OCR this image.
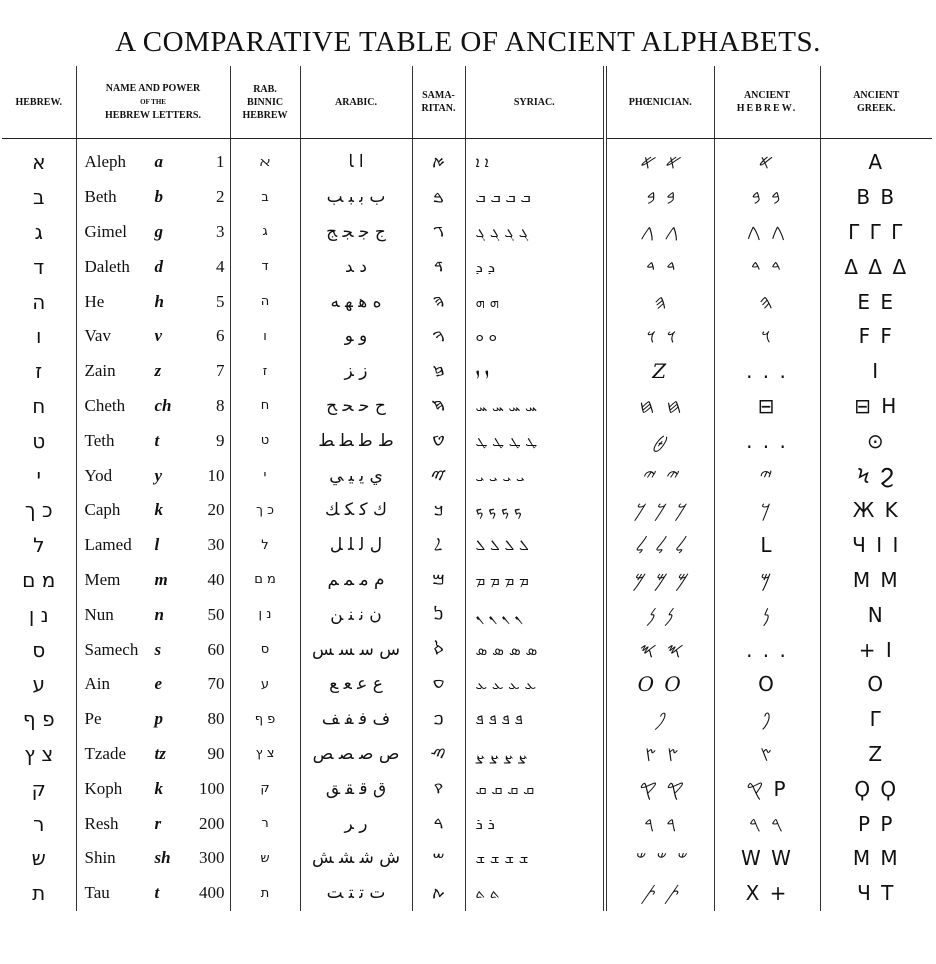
A COMPARATIVE TABLE OF ANCIENT ALPHABETS.
HEBREW.	NAME AND POWER
OF THE
HEBREW LETTERS.	RAB.
BINNIC
HEBREW	ARABIC.	SAMA-
RITAN.	SYRIAC.	PHŒNICIAN.	ANCIENT
HEBREW.	ANCIENT
GREEK.
א	Aleph a 1	ﬡ	ﺍ ﺎ	ࠀ	ܐ ܐ	𐤀 𐤀	𐤀	Α
ב	Beth b 2	ב	ب ﺑ ﺒ ﺐ	ࠁ	ܒ ܒ ܒ ܒ	𐤁 𐤁	𐤁 𐤁	Β Β
ג	Gimel g 3	ג	ج ﺟ ﺠ ﺞ	ࠂ	ܓ ܓ ܓ ܓ	𐤂 𐤂	𐤂 𐤂	Γ Γ Γ
ד	Daleth d 4	ד	د ﺪ	ࠃ	ܕ ܕ	𐤃 𐤃	𐤃 𐤃	Δ Δ Δ
ה	He h 5	ה	ه ﻫ ﻬ ﻪ	ࠄ	ܗ ܗ	𐤄	𐤄	Ε Ε
ו	Vav v 6	ו	و ﻮ	ࠅ	ܘ ܘ	𐤅 𐤅	𐤅	Ϝ Ϝ
ז	Zain z 7	ז	ز ﺰ	ࠆ	ܙ ܙ	Z	. . .	I
ח	Cheth ch 8	ח	ح ﺣ ﺤ ﺢ	ࠇ	ܚ ܚ ܚ ܚ	𐤇 𐤇	⊟	⊟ H
ט	Teth t 9	ט	ط ﻃ ﻄ ﻂ	ࠈ	ܛ ܛ ܛ ܛ	𐤈	. . .	⊙
י	Yod y 10	י	ي ﻳ ﻴ ﻲ	ࠉ	ܝ ܝ ܝ ܝ	𐤉 𐤉	𐤉	Ϟ Ϩ
כ ך	Caph k 20	כ ך	ك ﻛ ﻜ ﻚ	ࠊ	ܟ ܟ ܟ ܟ	𐤊 𐤊 𐤊	𐤊	Ж K
ל	Lamed l 30	ל	ل ﻟ ﻠ ﻞ	ࠋ	ܠ ܠ ܠ ܠ	𐤋 𐤋 𐤋	L	Ч Ι Ι
מ ם	Mem m 40	מ ם	م ﻣ ﻤ ﻢ	ࠌ	ܡ ܡ ܡ ܡ	𐤌 𐤌 𐤌	𐤌	M M
נ ן	Nun n 50	נ ן	ن ﻧ ﻨ ﻦ	ࠍ	ܢ ܢ ܢ ܢ	𐤍 𐤍	𐤍	N
ס	Samech s 60	ס	س ﺳ ﺴ ﺲ	ࠎ	ܣ ܣ ܣ ܣ	𐤎 𐤎	. . .	+ I
ע	Ain e 70	ע	ع ﻋ ﻌ ﻊ	ࠏ	ܥ ܥ ܥ ܥ	O O	O	O
פ ף	Pe p 80	פ ף	ف ﻓ ﻔ ﻒ	ࠐ	ܦ ܦ ܦ ܦ	𐤐	𐤐	Γ
צ ץ	Tzade tz 90	צ ץ	ص ﺻ ﺼ ﺺ	ࠑ	ܨ ܨ ܨ ܨ	𐤑 𐤑	𐤑	Z
ק	Koph k 100	ק	ق ﻗ ﻘ ﻖ	ࠒ	ܩ ܩ ܩ ܩ	𐤒 𐤒	𐤒 P	Ϙ Ϙ
ר	Resh r 200	ר	ر ﺮ	ࠓ	ܪ ܪ	𐤓 𐤓	𐤓 𐤓	P P
ש	Shin sh 300	ש	ش ﺷ ﺸ ﺶ	ࠔ	ܫ ܫ ܫ ܫ	𐤔 𐤔 𐤔	W W	M M
ת	Tau t 400	ת	ت ﺗ ﺘ ﺖ	ࠕ	ܬ ܬ	𐤕 𐤕	X +	Ч T
